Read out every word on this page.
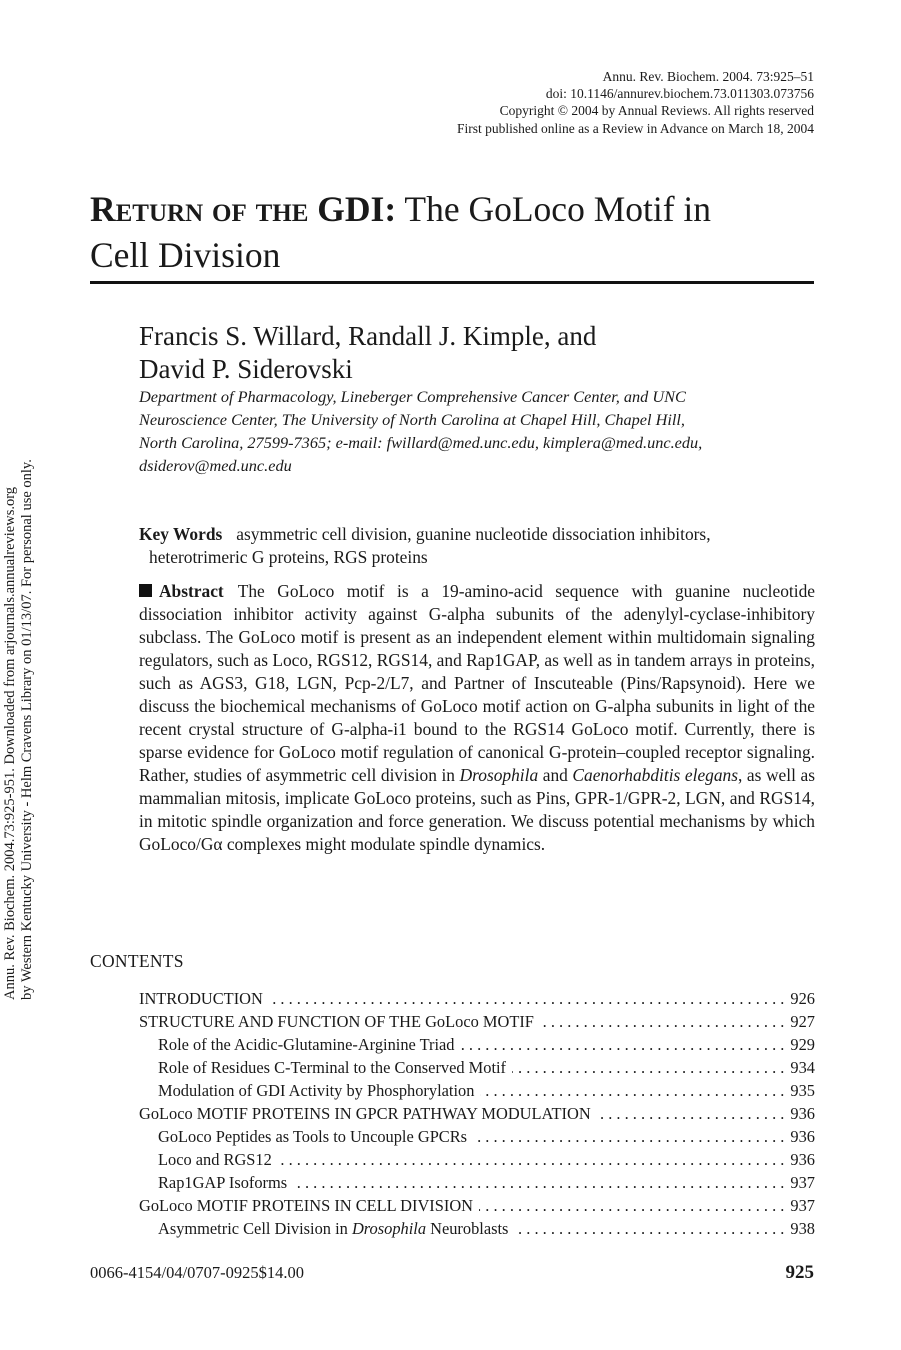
Annu. Rev. Biochem. 2004.73:925-951. Downloaded from arjournals.annualreviews.org by Western Kentucky University - Helm Cravens Library on 01/13/07. For personal use only.
Annu. Rev. Biochem. 2004. 73:925–51
doi: 10.1146/annurev.biochem.73.011303.073756
Copyright © 2004 by Annual Reviews. All rights reserved
First published online as a Review in Advance on March 18, 2004
Return of the GDI: The GoLoco Motif in
Cell Division
Francis S. Willard, Randall J. Kimple, and
David P. Siderovski
Department of Pharmacology, Lineberger Comprehensive Cancer Center, and UNC
Neuroscience Center, The University of North Carolina at Chapel Hill, Chapel Hill,
North Carolina, 27599-7365; e-mail: fwillard@med.unc.edu, kimplera@med.unc.edu,
dsiderov@med.unc.edu
Key Words asymmetric cell division, guanine nucleotide dissociation inhibitors,
heterotrimeric G proteins, RGS proteins
Abstract The GoLoco motif is a 19-amino-acid sequence with guanine nucleotide dissociation inhibitor activity against G-alpha subunits of the adenylyl-cyclase-inhibitory subclass. The GoLoco motif is present as an independent element within multidomain signaling regulators, such as Loco, RGS12, RGS14, and Rap1GAP, as well as in tandem arrays in proteins, such as AGS3, G18, LGN, Pcp-2/L7, and Partner of Inscuteable (Pins/Rapsynoid). Here we discuss the biochemical mechanisms of GoLoco motif action on G-alpha subunits in light of the recent crystal structure of G-alpha-i1 bound to the RGS14 GoLoco motif. Currently, there is sparse evidence for GoLoco motif regulation of canonical G-protein–coupled receptor signaling. Rather, studies of asymmetric cell division in Drosophila and Caenorhabditis elegans, as well as mammalian mitosis, implicate GoLoco proteins, such as Pins, GPR-1/GPR-2, LGN, and RGS14, in mitotic spindle organization and force generation. We discuss potential mechanisms by which GoLoco/Gα complexes might modulate spindle dynamics.
CONTENTS
INTRODUCTION . . .	926
STRUCTURE AND FUNCTION OF THE GoLoco MOTIF . . .	927
Role of the Acidic-Glutamine-Arginine Triad . . .	929
Role of Residues C-Terminal to the Conserved Motif . . .	934
Modulation of GDI Activity by Phosphorylation . . .	935
GoLoco MOTIF PROTEINS IN GPCR PATHWAY MODULATION . . .	936
GoLoco Peptides as Tools to Uncouple GPCRs . . .	936
Loco and RGS12 . . .	936
Rap1GAP Isoforms . . .	937
GoLoco MOTIF PROTEINS IN CELL DIVISION . . .	937
Asymmetric Cell Division in Drosophila Neuroblasts . . .	938
0066-4154/04/0707-0925$14.00	925
